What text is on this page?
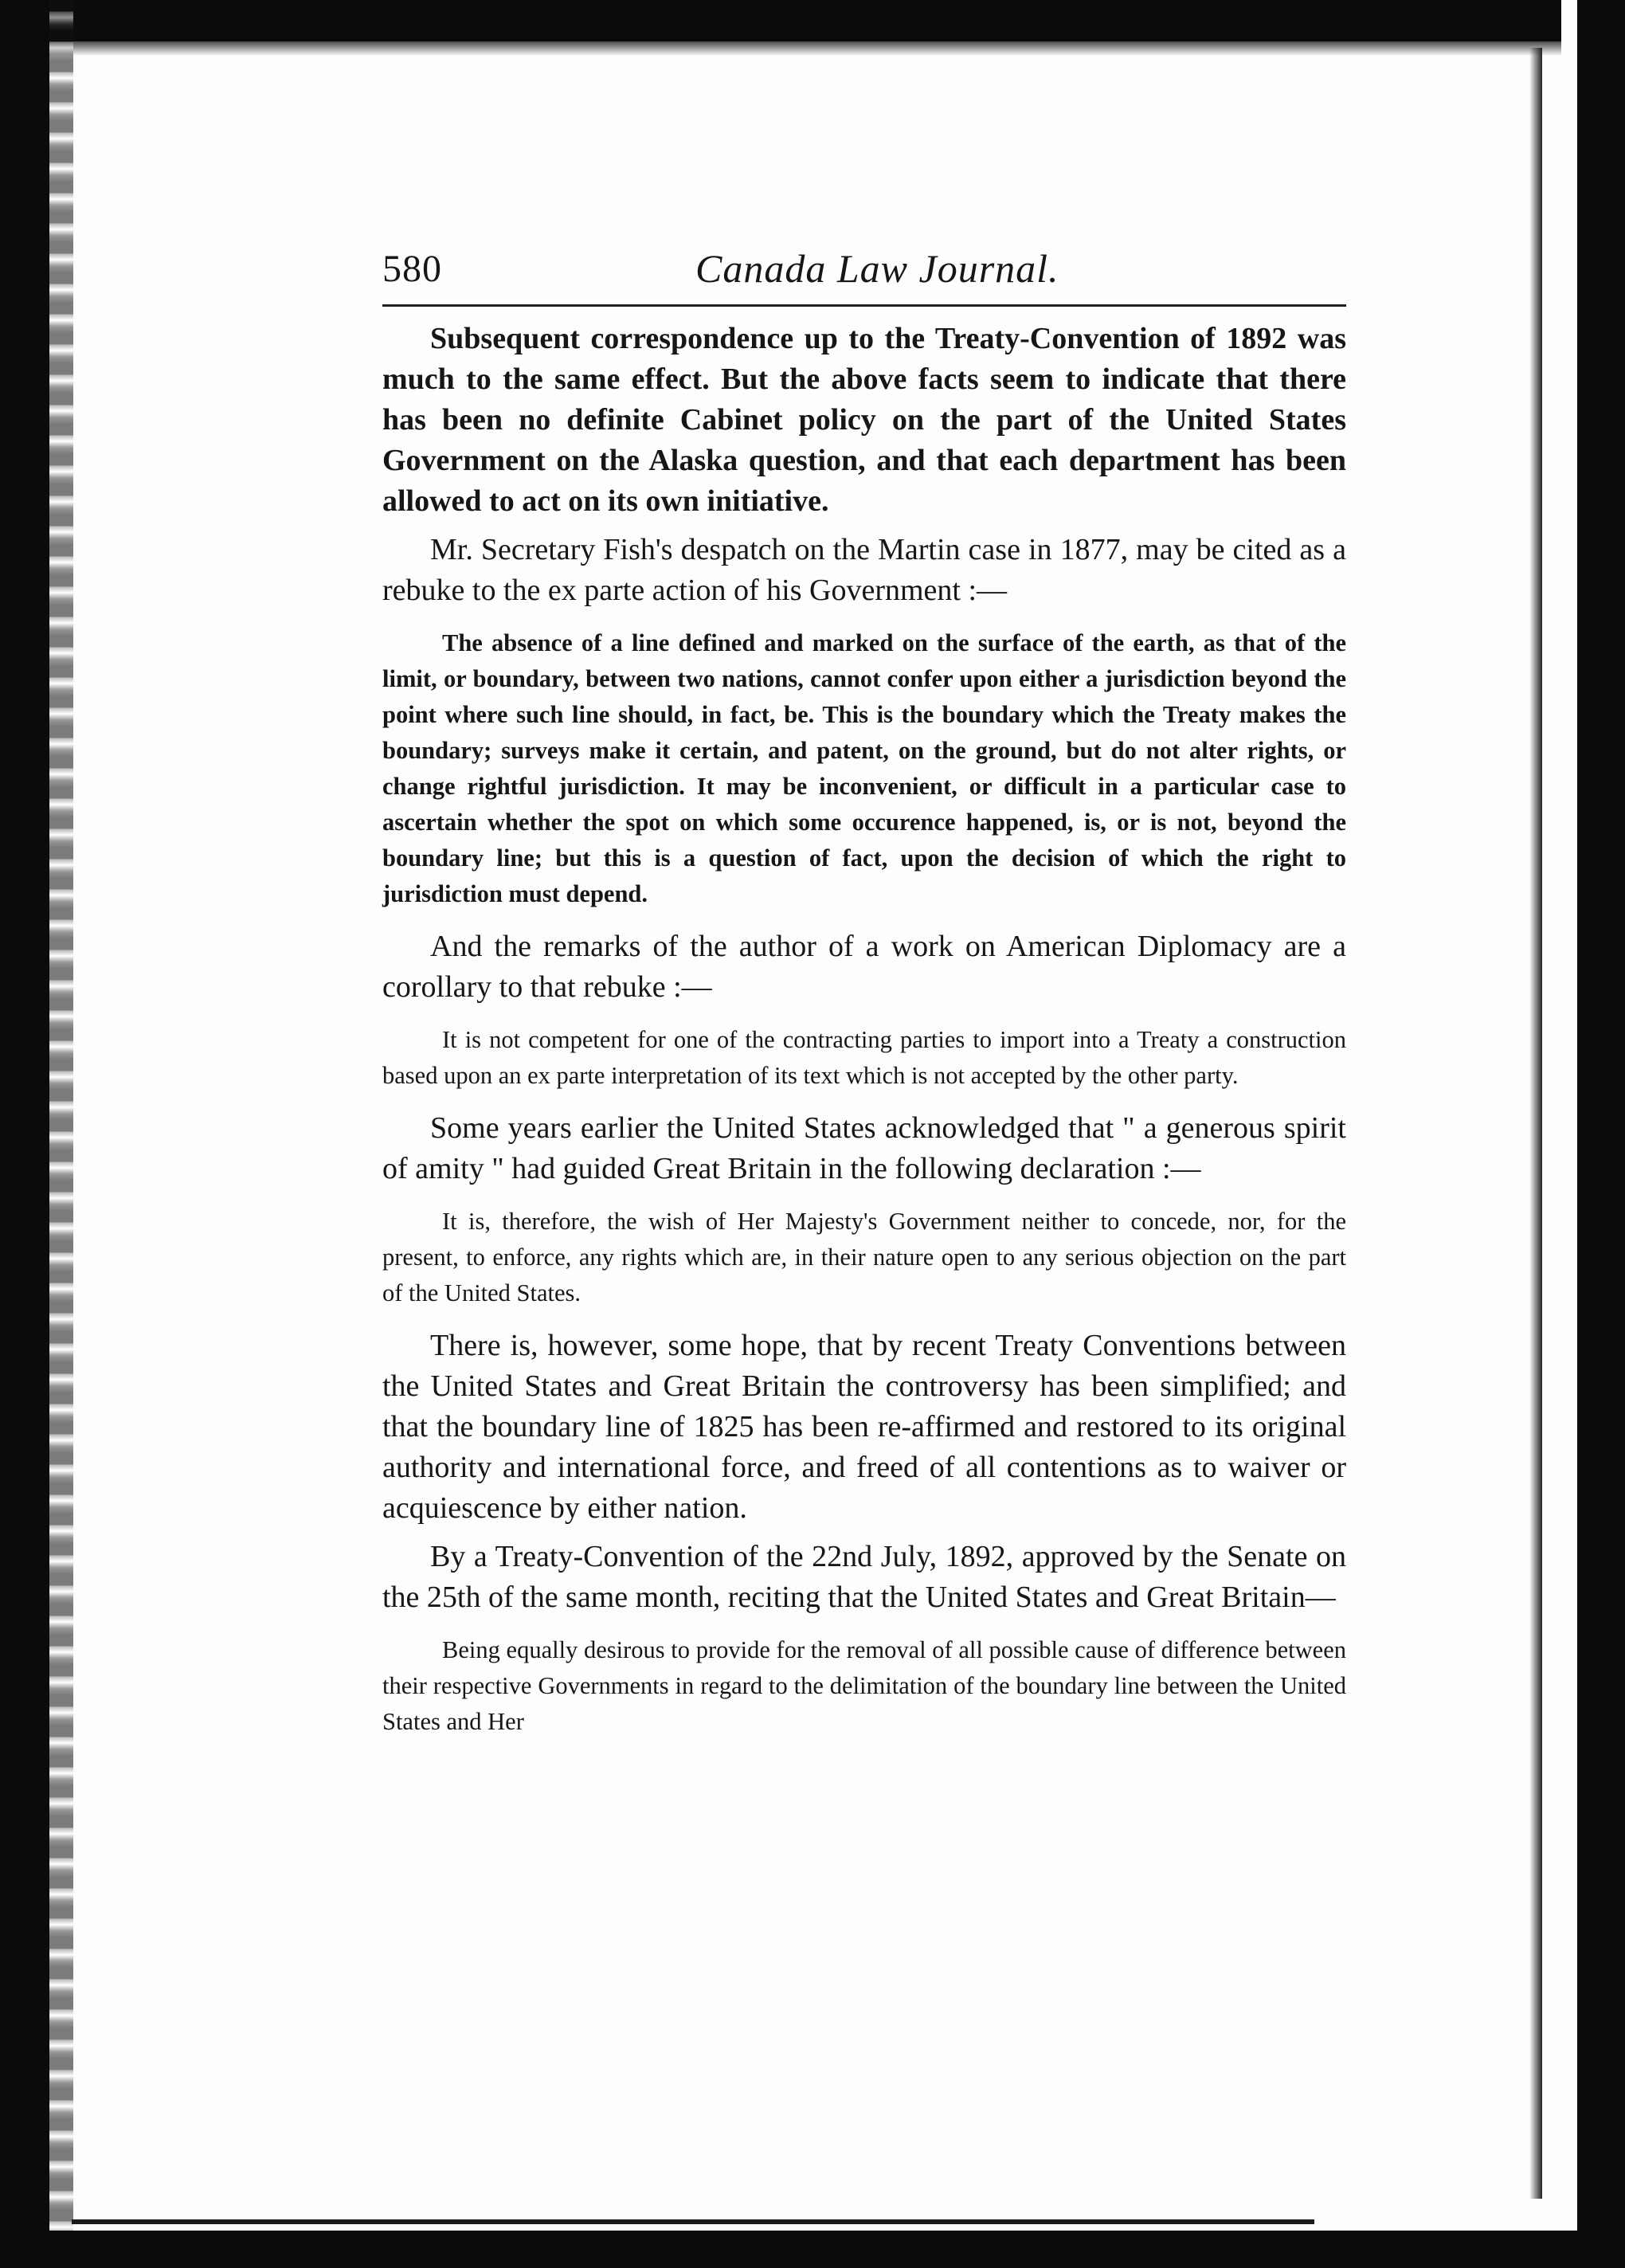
580	Canada Law Journal.

Subsequent correspondence up to the Treaty-Convention of 1892 was much to the same effect. But the above facts seem to indicate that there has been no definite Cabinet policy on the part of the United States Government on the Alaska question, and that each department has been allowed to act on its own initiative.

Mr. Secretary Fish's despatch on the Martin case in 1877, may be cited as a rebuke to the ex parte action of his Government :—

The absence of a line defined and marked on the surface of the earth, as that of the limit, or boundary, between two nations, cannot confer upon either a jurisdiction beyond the point where such line should, in fact, be. This is the boundary which the Treaty makes the boundary; surveys make it certain, and patent, on the ground, but do not alter rights, or change rightful jurisdiction. It may be inconvenient, or difficult in a particular case to ascertain whether the spot on which some occurence happened, is, or is not, beyond the boundary line; but this is a question of fact, upon the decision of which the right to jurisdiction must depend.

And the remarks of the author of a work on American Diplomacy are a corollary to that rebuke :—

It is not competent for one of the contracting parties to import into a Treaty a construction based upon an ex parte interpretation of its text which is not accepted by the other party.

Some years earlier the United States acknowledged that " a generous spirit of amity " had guided Great Britain in the following declaration :—

It is, therefore, the wish of Her Majesty's Government neither to concede, nor, for the present, to enforce, any rights which are, in their nature open to any serious objection on the part of the United States.

There is, however, some hope, that by recent Treaty Conventions between the United States and Great Britain the controversy has been simplified; and that the boundary line of 1825 has been re-affirmed and restored to its original authority and international force, and freed of all contentions as to waiver or acquiescence by either nation.

By a Treaty-Convention of the 22nd July, 1892, approved by the Senate on the 25th of the same month, reciting that the United States and Great Britain—

Being equally desirous to provide for the removal of all possible cause of difference between their respective Governments in regard to the delimitation of the boundary line between the United States and Her
